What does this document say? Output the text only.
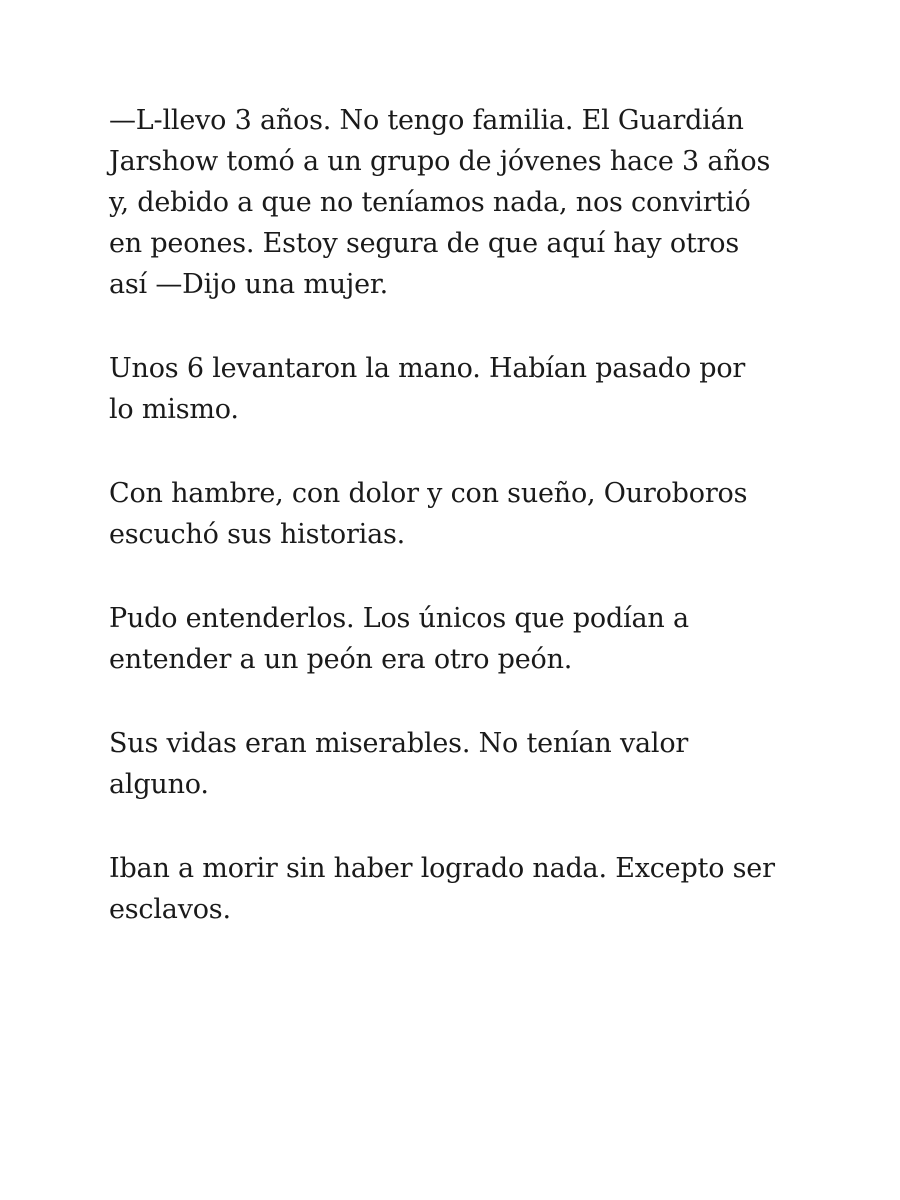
—L-llevo 3 años. No tengo familia. El Guardián
Jarshow tomó a un grupo de jóvenes hace 3 años
y, debido a que no teníamos nada, nos convirtió
en peones. Estoy segura de que aquí hay otros
así —Dijo una mujer.

Unos 6 levantaron la mano. Habían pasado por
lo mismo.

Con hambre, con dolor y con sueño, Ouroboros
escuchó sus historias.

Pudo entenderlos. Los únicos que podían a
entender a un peón era otro peón.

Sus vidas eran miserables. No tenían valor
alguno.

Iban a morir sin haber logrado nada. Excepto ser
esclavos.
